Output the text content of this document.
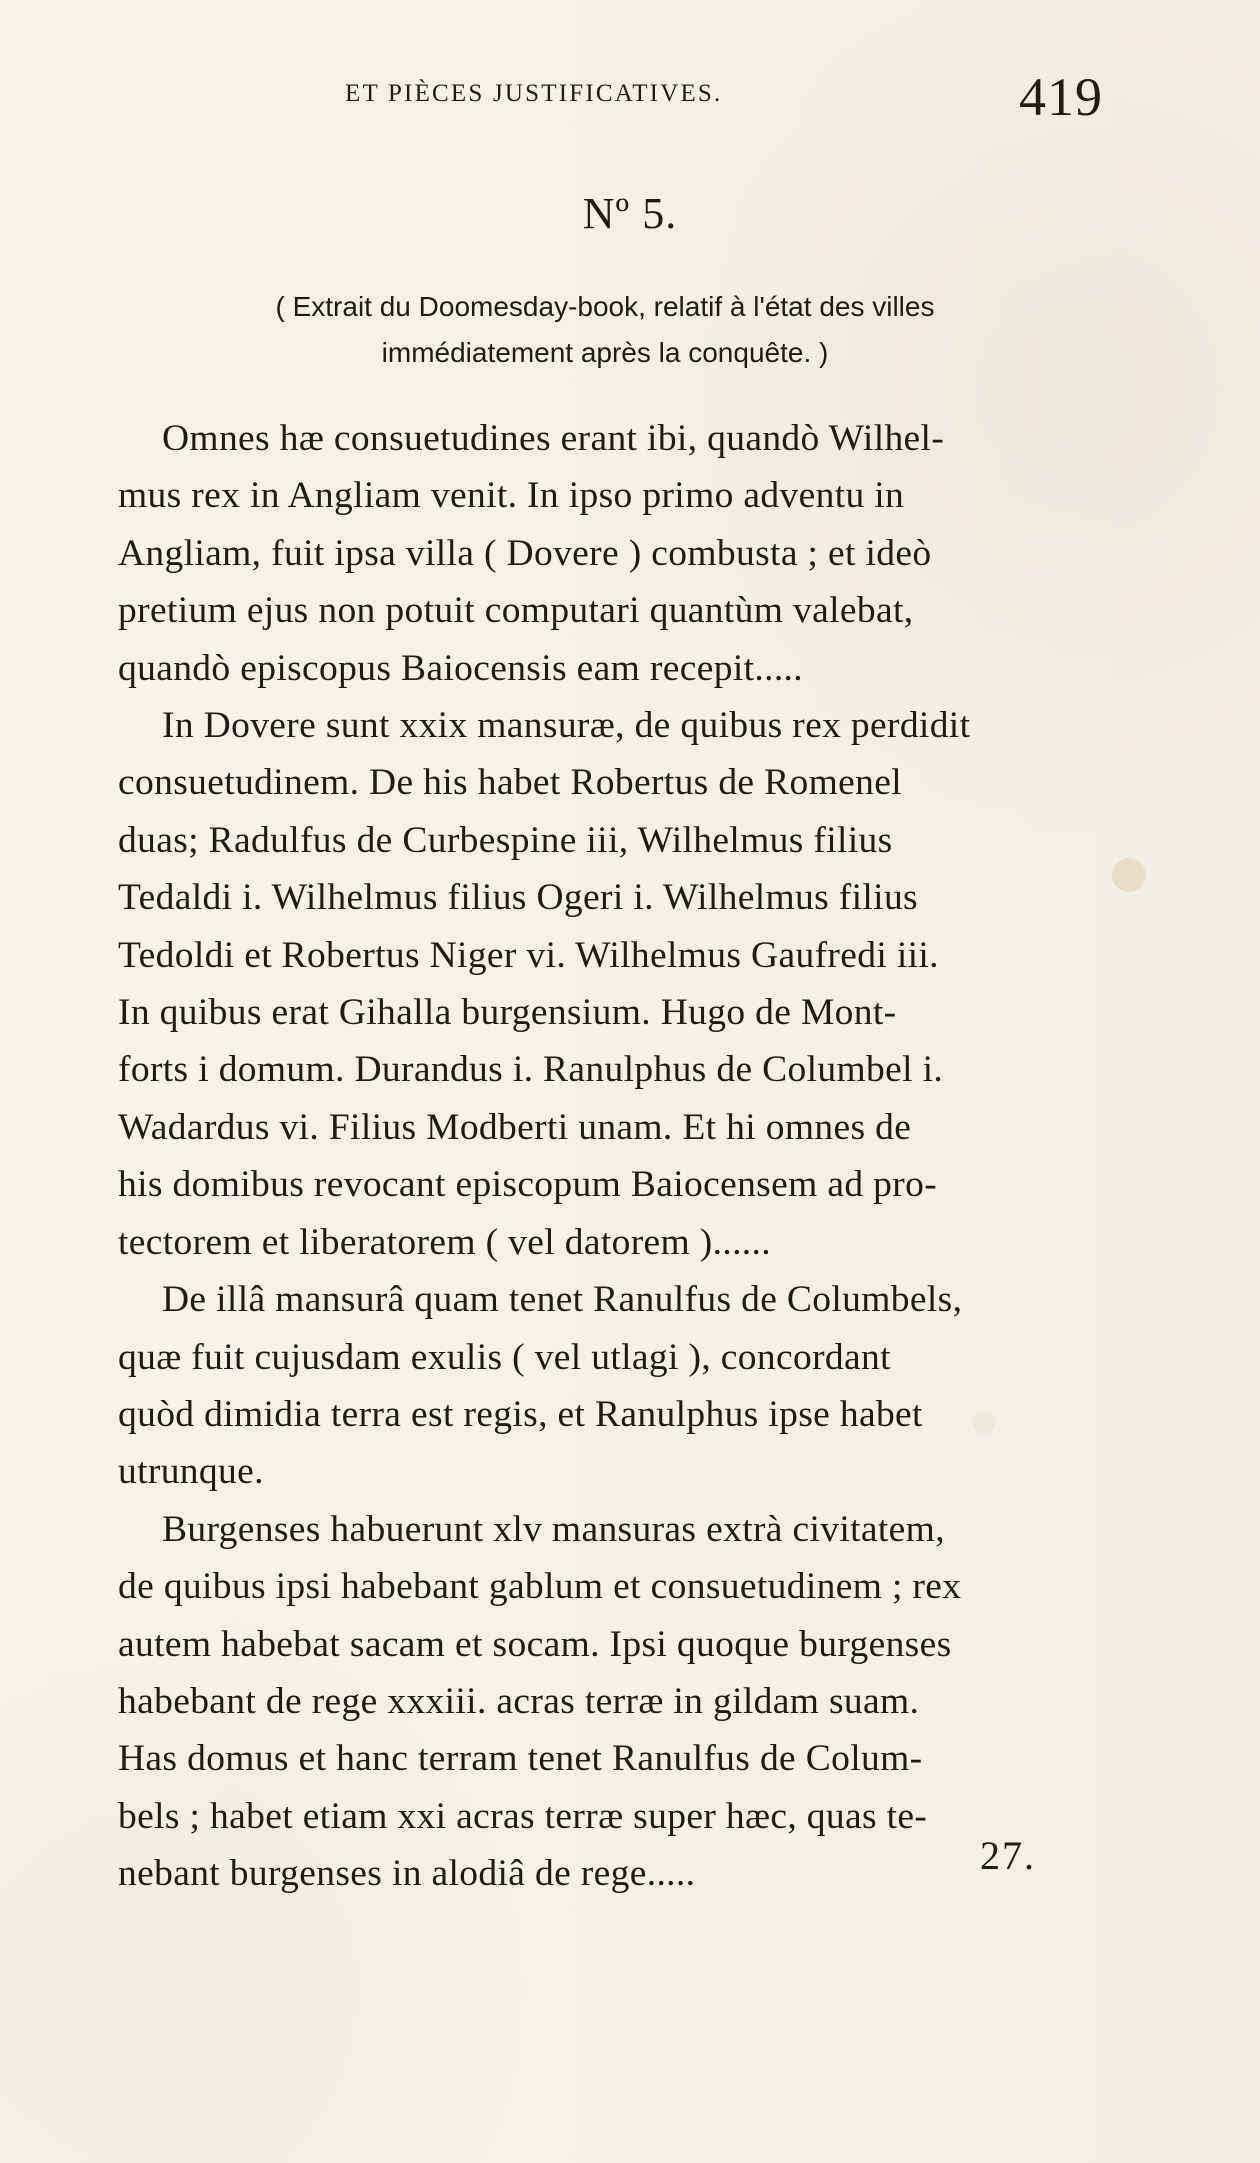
ET PIÈCES JUSTIFICATIVES.	419
Nº 5.
( Extrait du Doomesday-book, relatif à l'état des villes
immédiatement après la conquête. )
Omnes hæ consuetudines erant ibi, quandò Wilhel-
mus rex in Angliam venit. In ipso primo adventu in
Angliam, fuit ipsa villa ( Dovere ) combusta ; et ideò
pretium ejus non potuit computari quantùm valebat,
quandò episcopus Baiocensis eam recepit.....
In Dovere sunt xxix mansuræ, de quibus rex perdidit
consuetudinem. De his habet Robertus de Romenel
duas; Radulfus de Curbespine iii, Wilhelmus filius
Tedaldi i. Wilhelmus filius Ogeri i. Wilhelmus filius
Tedoldi et Robertus Niger vi. Wilhelmus Gaufredi iii.
In quibus erat Gihalla burgensium. Hugo de Mont-
forts i domum. Durandus i. Ranulphus de Columbel i.
Wadardus vi. Filius Modberti unam. Et hi omnes de
his domibus revocant episcopum Baiocensem ad pro-
tectorem et liberatorem ( vel datorem )......
De illâ mansurâ quam tenet Ranulfus de Columbels,
quæ fuit cujusdam exulis ( vel utlagi ), concordant
quòd dimidia terra est regis, et Ranulphus ipse habet
utrunque.
Burgenses habuerunt xlv mansuras extrà civitatem,
de quibus ipsi habebant gablum et consuetudinem ; rex
autem habebat sacam et socam. Ipsi quoque burgenses
habebant de rege xxxiii. acras terræ in gildam suam.
Has domus et hanc terram tenet Ranulfus de Colum-
bels ; habet etiam xxi acras terræ super hæc, quas te-
nebant burgenses in alodiâ de rege.....	27.
